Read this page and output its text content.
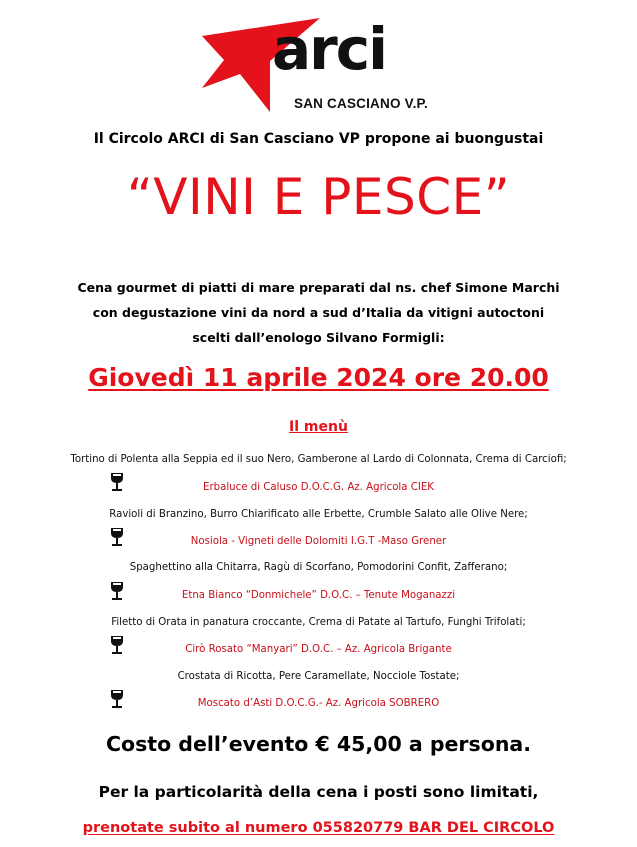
arci
SAN CASCIANO V.P.
Il Circolo ARCI di San Casciano VP propone ai buongustai
“VINI E PESCE”
Cena gourmet di piatti di mare preparati dal ns. chef Simone Marchi
con degustazione vini da nord a sud d’Italia da vitigni autoctoni
scelti dall’enologo Silvano Formigli:
Giovedì 11 aprile 2024 ore 20.00
Il menù
Tortino di Polenta alla Seppia ed il suo Nero, Gamberone al Lardo di Colonnata, Crema di Carciofi;
Erbaluce di Caluso D.O.C.G. Az. Agricola CIEK
Ravioli di Branzino, Burro Chiarificato alle Erbette, Crumble Salato alle Olive Nere;
Nosiola - Vigneti delle Dolomiti I.G.T -Maso Grener
Spaghettino alla Chitarra, Ragù di Scorfano, Pomodorini Confit, Zafferano;
Etna Bianco “Donmichele” D.O.C. – Tenute Moganazzi
Filetto di Orata in panatura croccante, Crema di Patate al Tartufo, Funghi Trifolati;
Cirò Rosato “Manyari” D.O.C. – Az. Agricola Brigante
Crostata di Ricotta, Pere Caramellate, Nocciole Tostate;
Moscato d’Asti D.O.C.G.- Az. Agricola SOBRERO
Costo dell’evento € 45,00 a persona.
Per la particolarità della cena i posti sono limitati,
prenotate subito al numero 055820779 BAR DEL CIRCOLO
